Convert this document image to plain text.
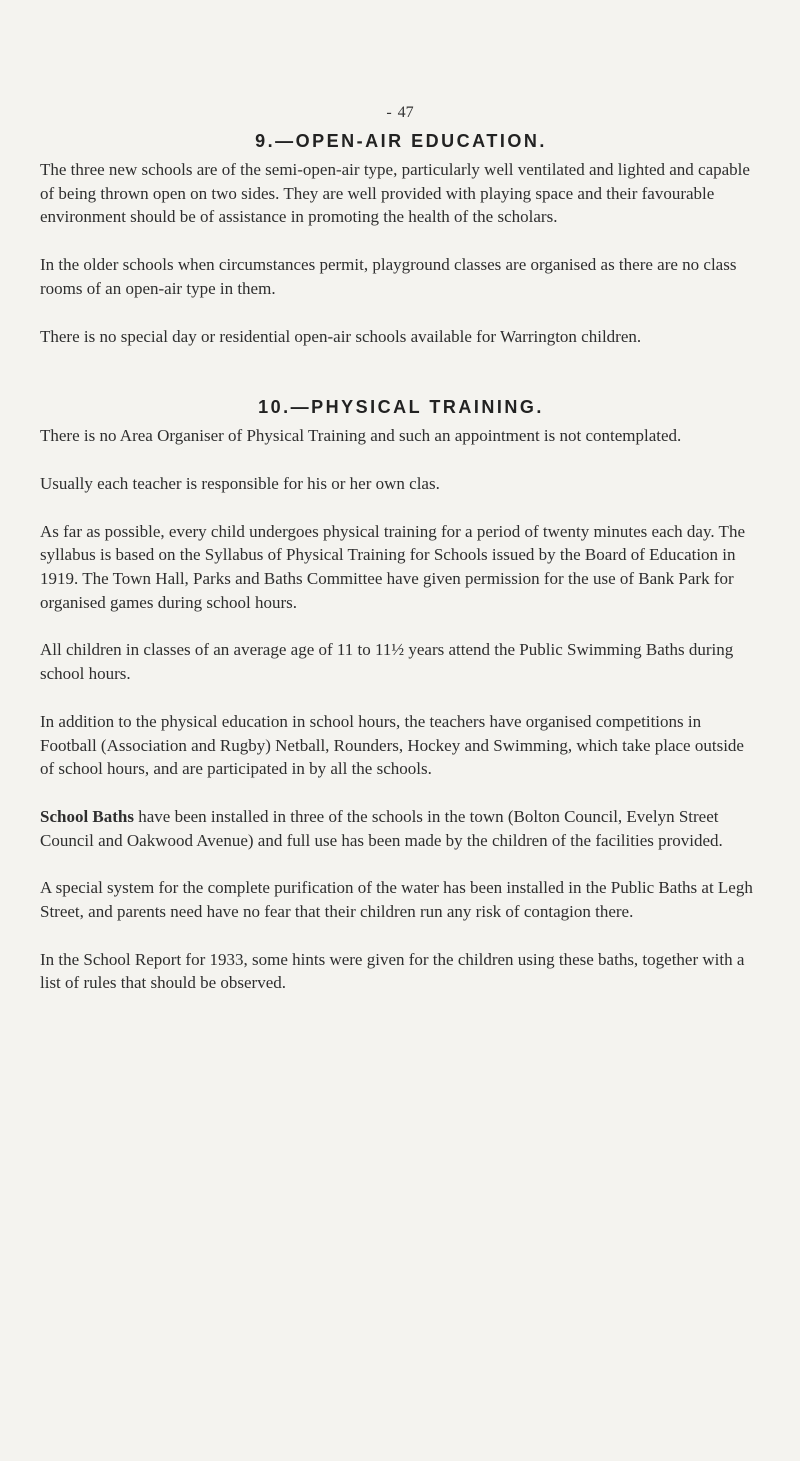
- 47
9.—OPEN-AIR EDUCATION.

The three new schools are of the semi-open-air type, particularly well ventilated and lighted and capable of being thrown open on two sides. They are well provided with playing space and their favourable environment should be of assistance in promoting the health of the scholars.

In the older schools when circumstances permit, playground classes are organised as there are no class rooms of an open-air type in them.

There is no special day or residential open-air schools available for Warrington children.

10.—PHYSICAL TRAINING.

There is no Area Organiser of Physical Training and such an appointment is not contemplated.

Usually each teacher is responsible for his or her own clas.

As far as possible, every child undergoes physical training for a period of twenty minutes each day. The syllabus is based on the Syllabus of Physical Training for Schools issued by the Board of Education in 1919. The Town Hall, Parks and Baths Committee have given permission for the use of Bank Park for organised games during school hours.

All children in classes of an average age of 11 to 11½ years attend the Public Swimming Baths during school hours.

In addition to the physical education in school hours, the teachers have organised competitions in Football (Association and Rugby) Netball, Rounders, Hockey and Swimming, which take place outside of school hours, and are participated in by all the schools.

School Baths have been installed in three of the schools in the town (Bolton Council, Evelyn Street Council and Oakwood Avenue) and full use has been made by the children of the facilities provided.

A special system for the complete purification of the water has been installed in the Public Baths at Legh Street, and parents need have no fear that their children run any risk of contagion there.

In the School Report for 1933, some hints were given for the children using these baths, together with a list of rules that should be observed.
